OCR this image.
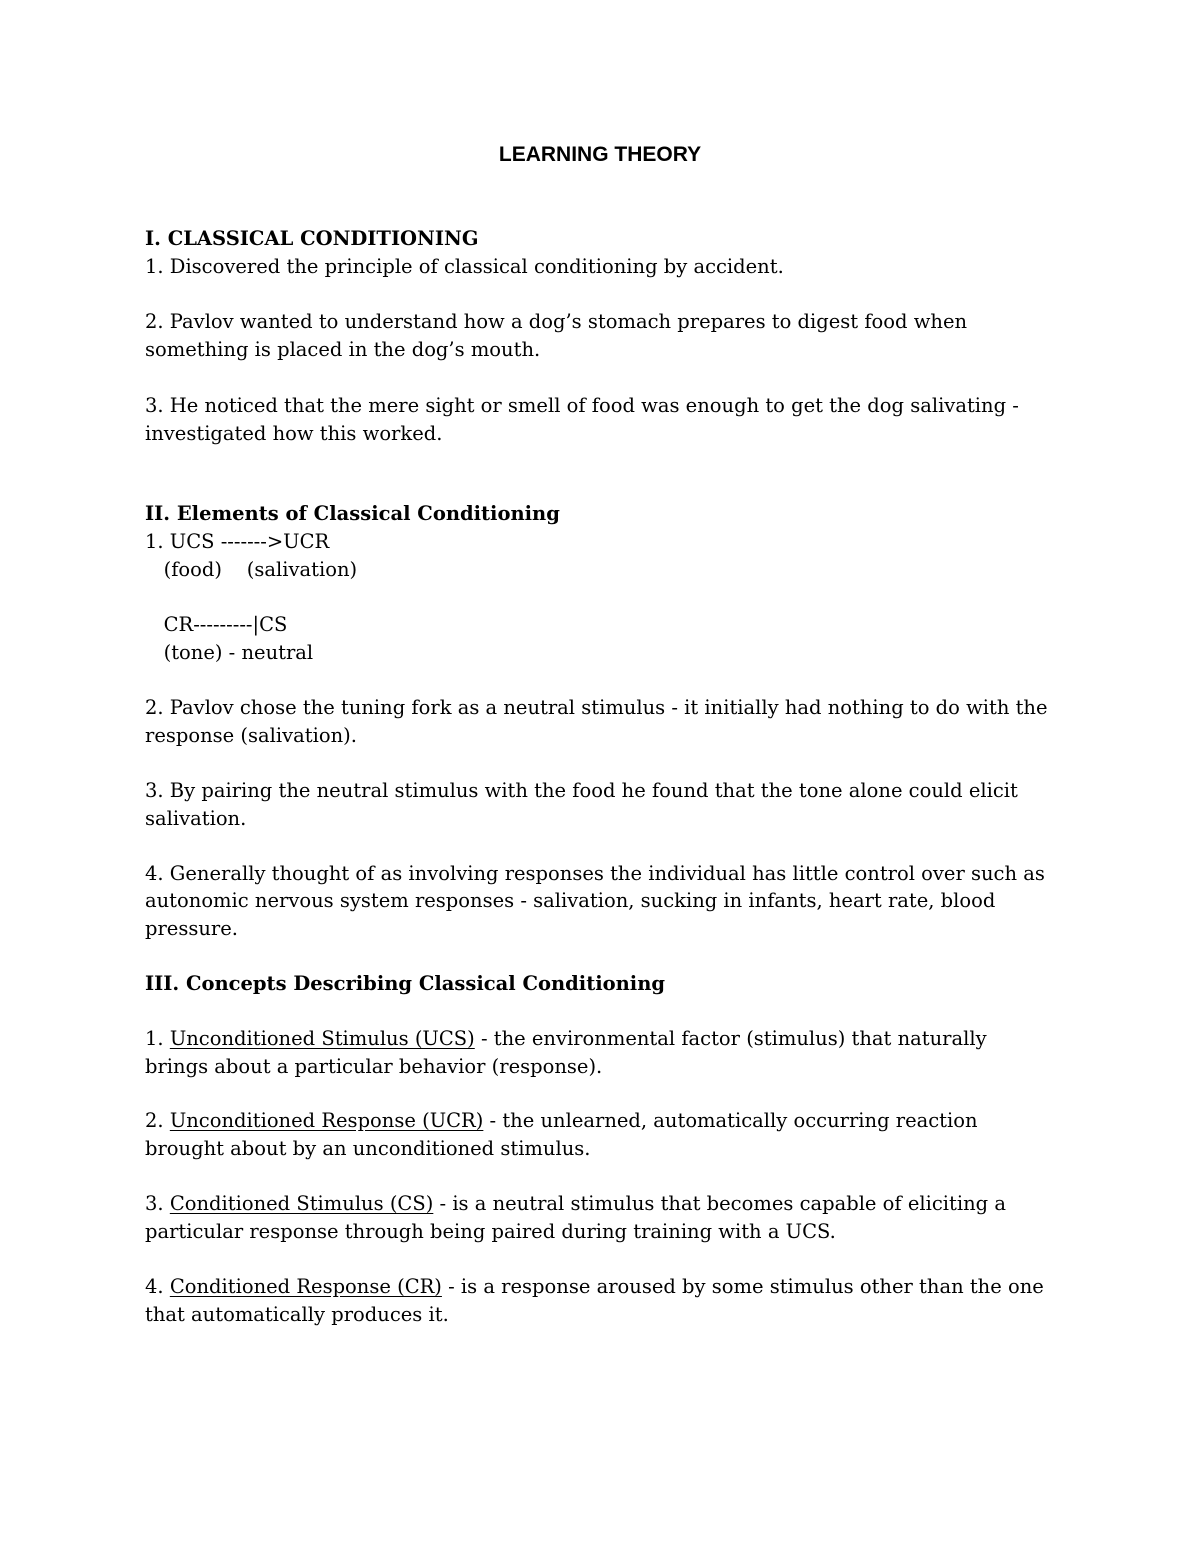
LEARNING THEORY

I. CLASSICAL CONDITIONING

1. Discovered the principle of classical conditioning by accident.

2. Pavlov wanted to understand how a dog’s stomach prepares to digest food when

something is placed in the dog’s mouth.

3. He noticed that the mere sight or smell of food was enough to get the dog salivating -

investigated how this worked.

II. Elements of Classical Conditioning

1. UCS ------->UCR

(food)    (salivation)

CR---------|CS

(tone) - neutral

2. Pavlov chose the tuning fork as a neutral stimulus - it initially had nothing to do with the

response (salivation).

3. By pairing the neutral stimulus with the food he found that the tone alone could elicit

salivation.

4. Generally thought of as involving responses the individual has little control over such as

autonomic nervous system responses - salivation, sucking in infants, heart rate, blood

pressure.

III. Concepts Describing Classical Conditioning

1. Unconditioned Stimulus (UCS) - the environmental factor (stimulus) that naturally

brings about a particular behavior (response).

2. Unconditioned Response (UCR) - the unlearned, automatically occurring reaction

brought about by an unconditioned stimulus.

3. Conditioned Stimulus (CS) - is a neutral stimulus that becomes capable of eliciting a

particular response through being paired during training with a UCS.

4. Conditioned Response (CR) - is a response aroused by some stimulus other than the one

that automatically produces it.
